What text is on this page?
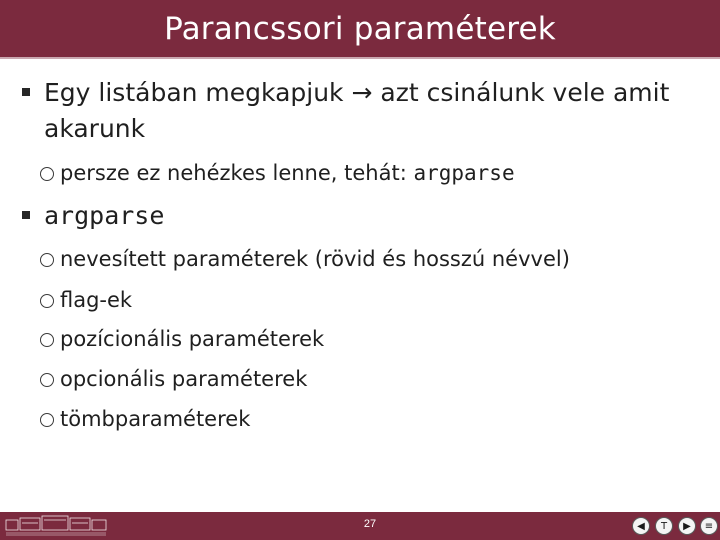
Parancssori paraméterek
Egy listában megkapjuk → azt csinálunk vele amit
akarunk
persze ez nehézkes lenne, tehát: argparse
argparse
nevesített paraméterek (rövid és hosszú névvel)
flag-ek
pozícionális paraméterek
opcionális paraméterek
tömbparaméterek
27	◀	T	▶	≡
